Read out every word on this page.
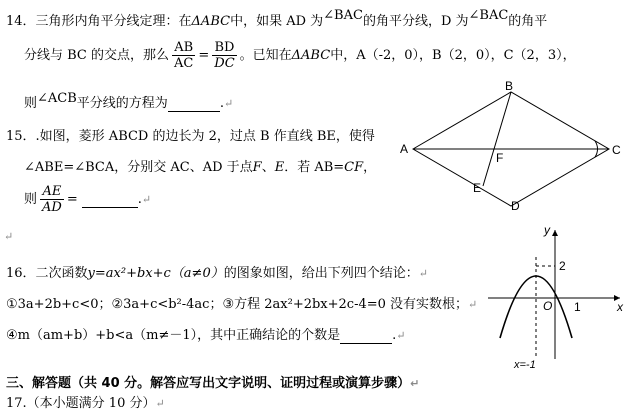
14．三角形内角平分线定理：在ΔABC中，如果 AD 为∠BAC的角平分线，D 为∠BAC的角平
分线与 BC 的交点，那么 $\frac{AB}{AC} = \frac{BD}{DC}$ 。已知在ΔABC中，A（-2，0），B（2，0），C（2，3），
则∠ACB平分线的方程为	.↵
15．.如图，菱形 ABCD 的边长为 2，过点 B 作直线 BE，使得
∠ABE=∠BCA，分别交 AC、AD 于点F、E．若 AB=CF，
则 $\frac{AE}{AD}$ =	.↵
↵
A
B
C
D
E
F
16．二次函数y=ax²+bx+c（a≠0）的图象如图，给出下列四个结论：↵
①3a+2b+c<0；②3a+c<b²-4ac；③方程 2ax²+2bx+2c-4=0 没有实数根；↵
④m（am+b）+b<a（m≠－1），其中正确结论的个数是	.↵
y
x
O 1
2
x=-1
三、解答题（共 40 分。解答应写出文字说明、证明过程或演算步骤）↵
17.（本小题满分 10 分）↵
